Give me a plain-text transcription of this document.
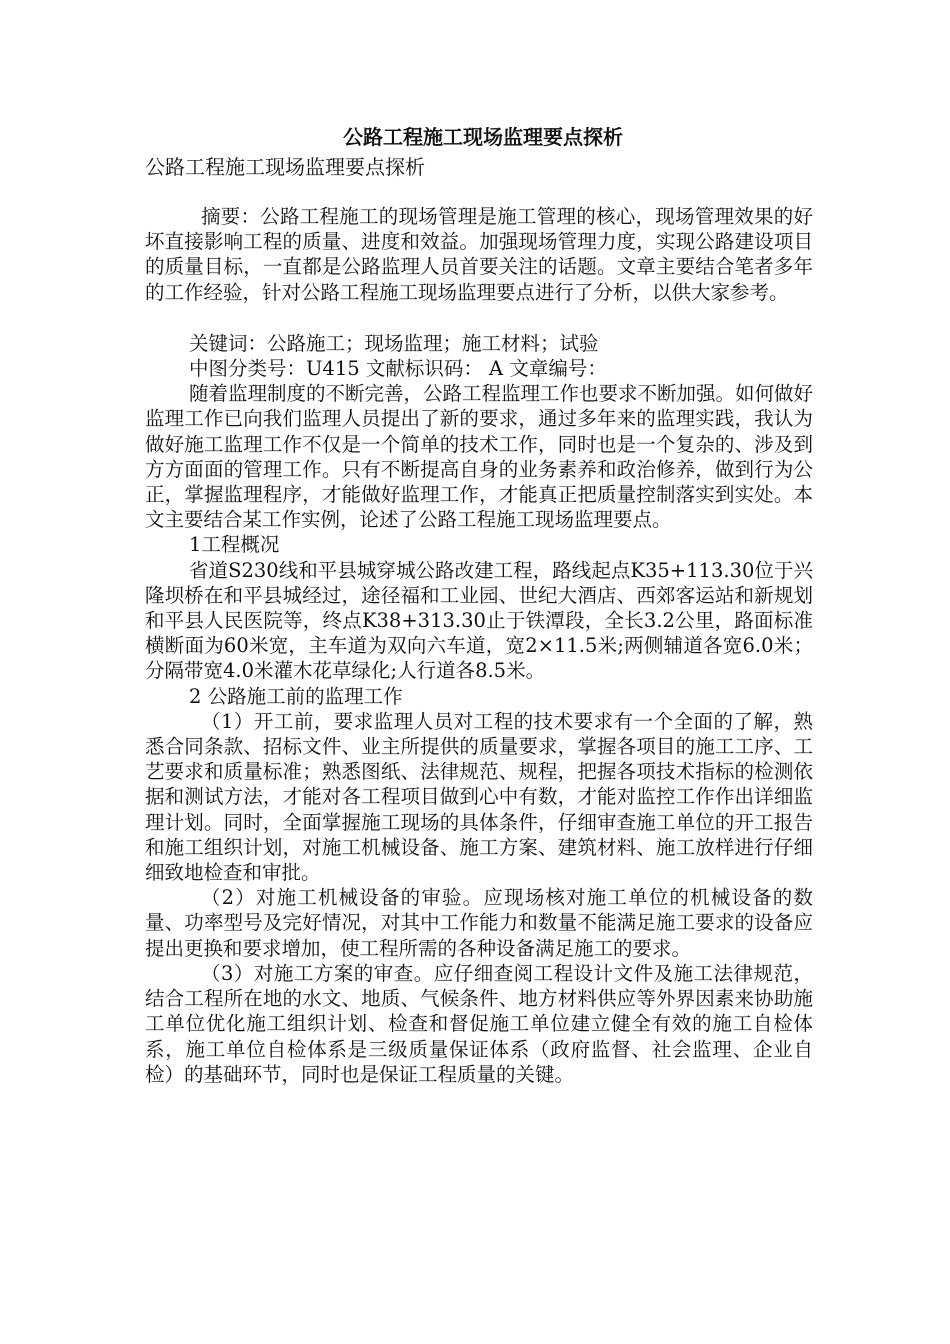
公路工程施工现场监理要点探析

公路工程施工现场监理要点探析

摘要：公路工程施工的现场管理是施工管理的核心，现场管理效果的好坏直接影响工程的质量、进度和效益。加强现场管理力度，实现公路建设项目的质量目标，一直都是公路监理人员首要关注的话题。文章主要结合笔者多年的工作经验，针对公路工程施工现场监理要点进行了分析，以供大家参考。

关键词：公路施工；现场监理；施工材料；试验

中图分类号：U415 文献标识码： A 文章编号：

随着监理制度的不断完善，公路工程监理工作也要求不断加强。如何做好监理工作已向我们监理人员提出了新的要求，通过多年来的监理实践，我认为做好施工监理工作不仅是一个简单的技术工作，同时也是一个复杂的、涉及到方方面面的管理工作。只有不断提高自身的业务素养和政治修养，做到行为公正，掌握监理程序，才能做好监理工作，才能真正把质量控制落实到实处。本文主要结合某工作实例，论述了公路工程施工现场监理要点。

1工程概况

省道S230线和平县城穿城公路改建工程，路线起点K35+113.30位于兴隆坝桥在和平县城经过，途径福和工业园、世纪大酒店、西郊客运站和新规划和平县人民医院等，终点K38+313.30止于铁潭段，全长3.2公里，路面标准横断面为60米宽，主车道为双向六车道，宽2×11.5米;两侧辅道各宽6.0米；分隔带宽4.0米灌木花草绿化;人行道各8.5米。

2 公路施工前的监理工作

（1）开工前，要求监理人员对工程的技术要求有一个全面的了解，熟悉合同条款、招标文件、业主所提供的质量要求，掌握各项目的施工工序、工艺要求和质量标准；熟悉图纸、法律规范、规程，把握各项技术指标的检测依据和测试方法，才能对各工程项目做到心中有数，才能对监控工作作出详细监理计划。同时，全面掌握施工现场的具体条件，仔细审查施工单位的开工报告和施工组织计划，对施工机械设备、施工方案、建筑材料、施工放样进行仔细细致地检查和审批。

（2）对施工机械设备的审验。应现场核对施工单位的机械设备的数量、功率型号及完好情况，对其中工作能力和数量不能满足施工要求的设备应提出更换和要求增加，使工程所需的各种设备满足施工的要求。

（3）对施工方案的审查。应仔细查阅工程设计文件及施工法律规范，结合工程所在地的水文、地质、气候条件、地方材料供应等外界因素来协助施工单位优化施工组织计划、检查和督促施工单位建立健全有效的施工自检体系，施工单位自检体系是三级质量保证体系（政府监督、社会监理、企业自检）的基础环节，同时也是保证工程质量的关键。
